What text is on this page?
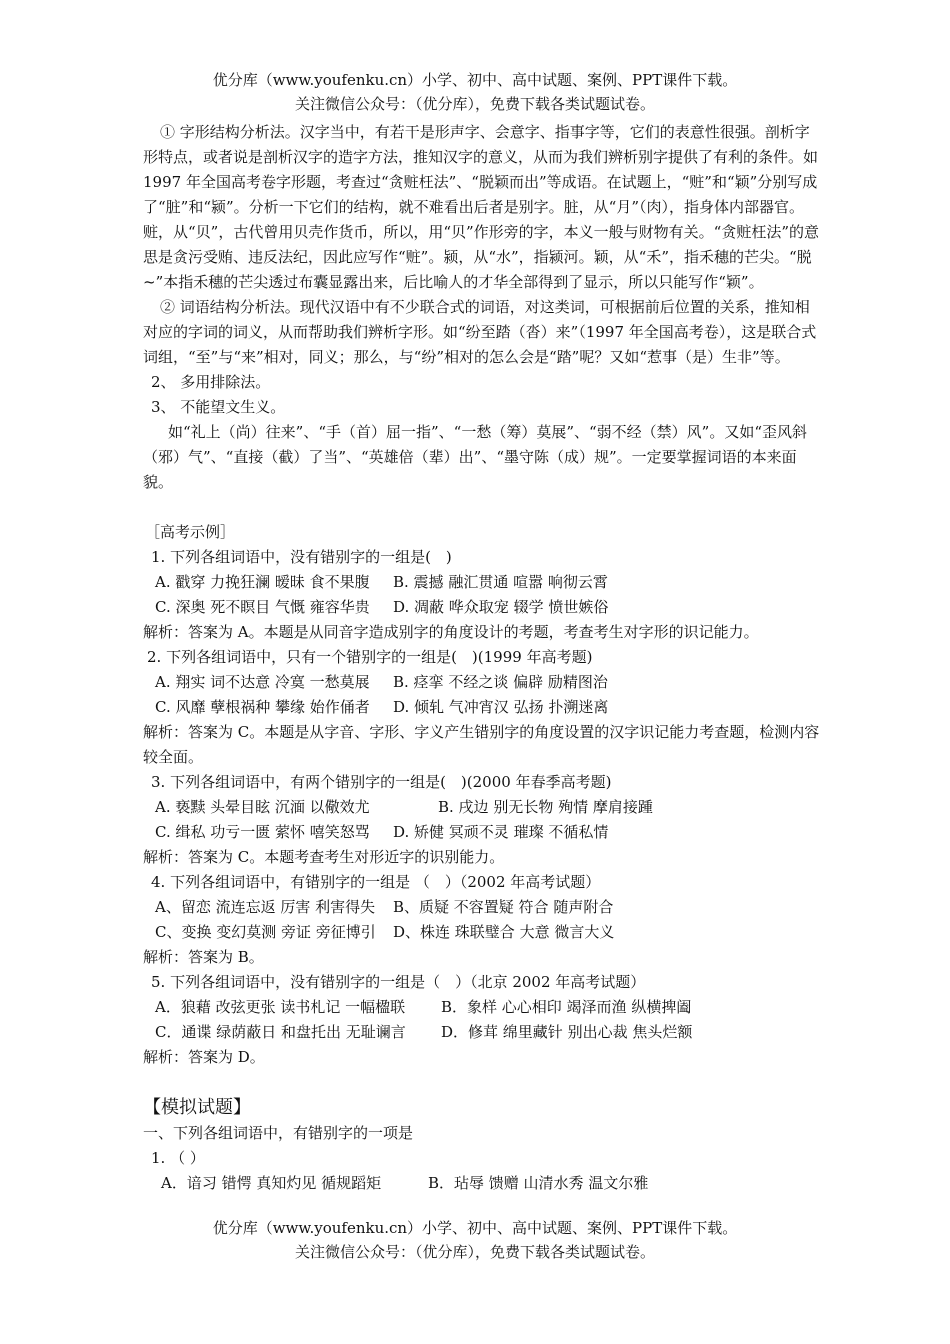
优分库（www.youfenku.cn）小学、初中、高中试题、案例、PPT课件下载。
关注微信公众号：（优分库），免费下载各类试题试卷。

① 字形结构分析法。汉字当中，有若干是形声字、会意字、指事字等，它们的表意性很强。剖析字形特点，或者说是剖析汉字的造字方法，推知汉字的意义，从而为我们辨析别字提供了有利的条件。如 1997 年全国高考卷字形题，考查过“贪赃枉法”、“脱颖而出”等成语。在试题上，“赃”和“颖”分别写成了“脏”和“颍”。分析一下它们的结构，就不难看出后者是别字。脏，从“月”（肉），指身体内部器官。赃，从“贝”，古代曾用贝壳作货币，所以，用“贝”作形旁的字，本义一般与财物有关。“贪赃枉法”的意思是贪污受贿、违反法纪，因此应写作“赃”。颍，从“水”，指颍河。颖，从“禾”，指禾穗的芒尖。“脱~”本指禾穗的芒尖透过布囊显露出来，后比喻人的才华全部得到了显示，所以只能写作“颖”。

② 词语结构分析法。现代汉语中有不少联合式的词语，对这类词，可根据前后位置的关系，推知相对应的字词的词义，从而帮助我们辨析字形。如“纷至踏（沓）来”（1997 年全国高考卷），这是联合式词组，“至”与“来”相对，同义；那么，与“纷”相对的怎么会是“踏”呢？又如“惹事（是）生非”等。

2、 多用排除法。

3、 不能望文生义。

如“礼上（尚）往来”、“手（首）屈一指”、“一愁（筹）莫展”、“弱不经（禁）风”。又如“歪风斜（邪）气”、“直接（截）了当”、“英雄倍（辈）出”、“墨守陈（成）规”。一定要掌握词语的本来面貌。

［高考示例］

1. 下列各组词语中，没有错别字的一组是(　)

A. 戳穿 力挽狂澜 暧昧 食不果腹	B. 震撼 融汇贯通 喧嚣 响彻云霄
C. 深奥 死不瞑目 气慨 雍容华贵	D. 凋蔽 哗众取宠 辍学 愤世嫉俗

解析：答案为 A。本题是从同音字造成别字的角度设计的考题，考查考生对字形的识记能力。

2. 下列各组词语中，只有一个错别字的一组是(　)(1999 年高考题)

A. 翔实 词不达意 冷寞 一愁莫展	B. 痉挛 不经之谈 偏辟 励精图治
C. 风靡 孽根祸种 攀缘 始作俑者	D. 倾轧 气冲宵汉 弘扬 扑溯迷离

解析：答案为 C。本题是从字音、字形、字义产生错别字的角度设置的汉字识记能力考查题，检测内容较全面。

3. 下列各组词语中，有两个错别字的一组是(　)(2000 年春季高考题)

A. 亵黩 头晕目眩 沉湎 以儆效尤	B. 戌边 别无长物 殉情 摩肩接踵
C. 缉私 功亏一匮 萦怀 嘻笑怒骂	D. 矫健 冥顽不灵 璀璨 不循私情

解析：答案为 C。本题考查考生对形近字的识别能力。

4. 下列各组词语中，有错别字的一组是 （　）（2002 年高考试题）

A、留恋 流连忘返 厉害 利害得失	B、质疑 不容置疑 符合 随声附合
C、变换 变幻莫测 旁证 旁征博引	D、株连 珠联璧合 大意 微言大义

解析：答案为 B。

5. 下列各组词语中，没有错别字的一组是（　）（北京 2002 年高考试题）

A．狼藉 改弦更张 读书札记 一幅楹联	B．象样 心心相印 竭泽而渔 纵横捭阖
C．通谍 绿荫蔽日 和盘托出 无耻谰言	D．修茸 绵里藏针 别出心裁 焦头烂额

解析：答案为 D。

【模拟试题】

一、下列各组词语中，有错别字的一项是

1. （ ）

A．谙习 错愕 真知灼见 循规蹈矩	B．玷辱 馈赠 山清水秀 温文尔雅
优分库（www.youfenku.cn）小学、初中、高中试题、案例、PPT课件下载。
关注微信公众号：（优分库），免费下载各类试题试卷。
